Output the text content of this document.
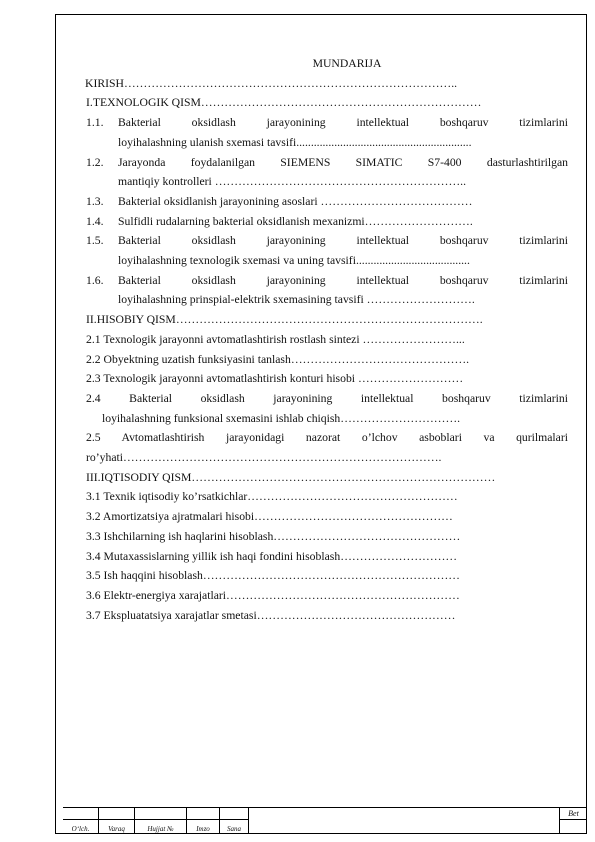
MUNDARIJA
KIRISH…………………………………………………………………………..
I.TEXNOLOGIK QISM………………………………………………………………
1.1.	Bakterial oksidlash jarayonining intellektual boshqaruv tizimlarini
loyihalashning ulanish sxemasi tavsifi............................................................
1.2.	Jarayonda foydalanilgan SIEMENS SIMATIC S7-400 dasturlashtirilgan
mantiqiy kontrolleri ………………………………………………………..
1.3.	Bakterial oksidlanish jarayonining asoslari …………………………………
1.4.	Sulfidli rudalarning bakterial oksidlanish mexanizmi……………………….
1.5.	Bakterial oksidlash jarayonining intellektual boshqaruv tizimlarini
loyihalashning texnologik sxemasi va uning tavsifi.......................................
1.6.	Bakterial oksidlash jarayonining intellektual boshqaruv tizimlarini
loyihalashning prinspial-elektrik sxemasining tavsifi ……………………….
II.HISOBIY QISM…………………………………………………………………….
2.1 Texnologik jarayonni avtomatlashtirish rostlash sintezi ……………………...
2.2 Obyektning uzatish funksiyasini tanlash……………………………………….
2.3 Texnologik jarayonni avtomatlashtirish konturi hisobi ………………………
2.4 Bakterial oksidlash jarayonining intellektual boshqaruv tizimlarini
loyihalashning funksional sxemasini ishlab chiqish………………………….
2.5 Avtomatlashtirish jarayonidagi nazorat o’lchov asboblari va qurilmalari
ro’yhati……………………………………………………………………….
III.IQTISODIY QISM……………………………………………………………………
3.1 Texnik iqtisodiy ko’rsatkichlar………………………………………………
3.2 Amortizatsiya ajratmalari hisobi……………………………………………
3.3 Ishchilarning ish haqlarini hisoblash…………………………………………
3.4 Mutaxassislarning yillik ish haqi fondini hisoblash…………………………
3.5 Ish haqqini hisoblash…………………………………………………………
3.6 Elektr-energiya xarajatlari……………………………………………………
3.7 Ekspluatatsiya xarajatlar smetasi……………………………………………
O‘lch.	Varaq	Hujjat №	Imzo	Sana
Bet
